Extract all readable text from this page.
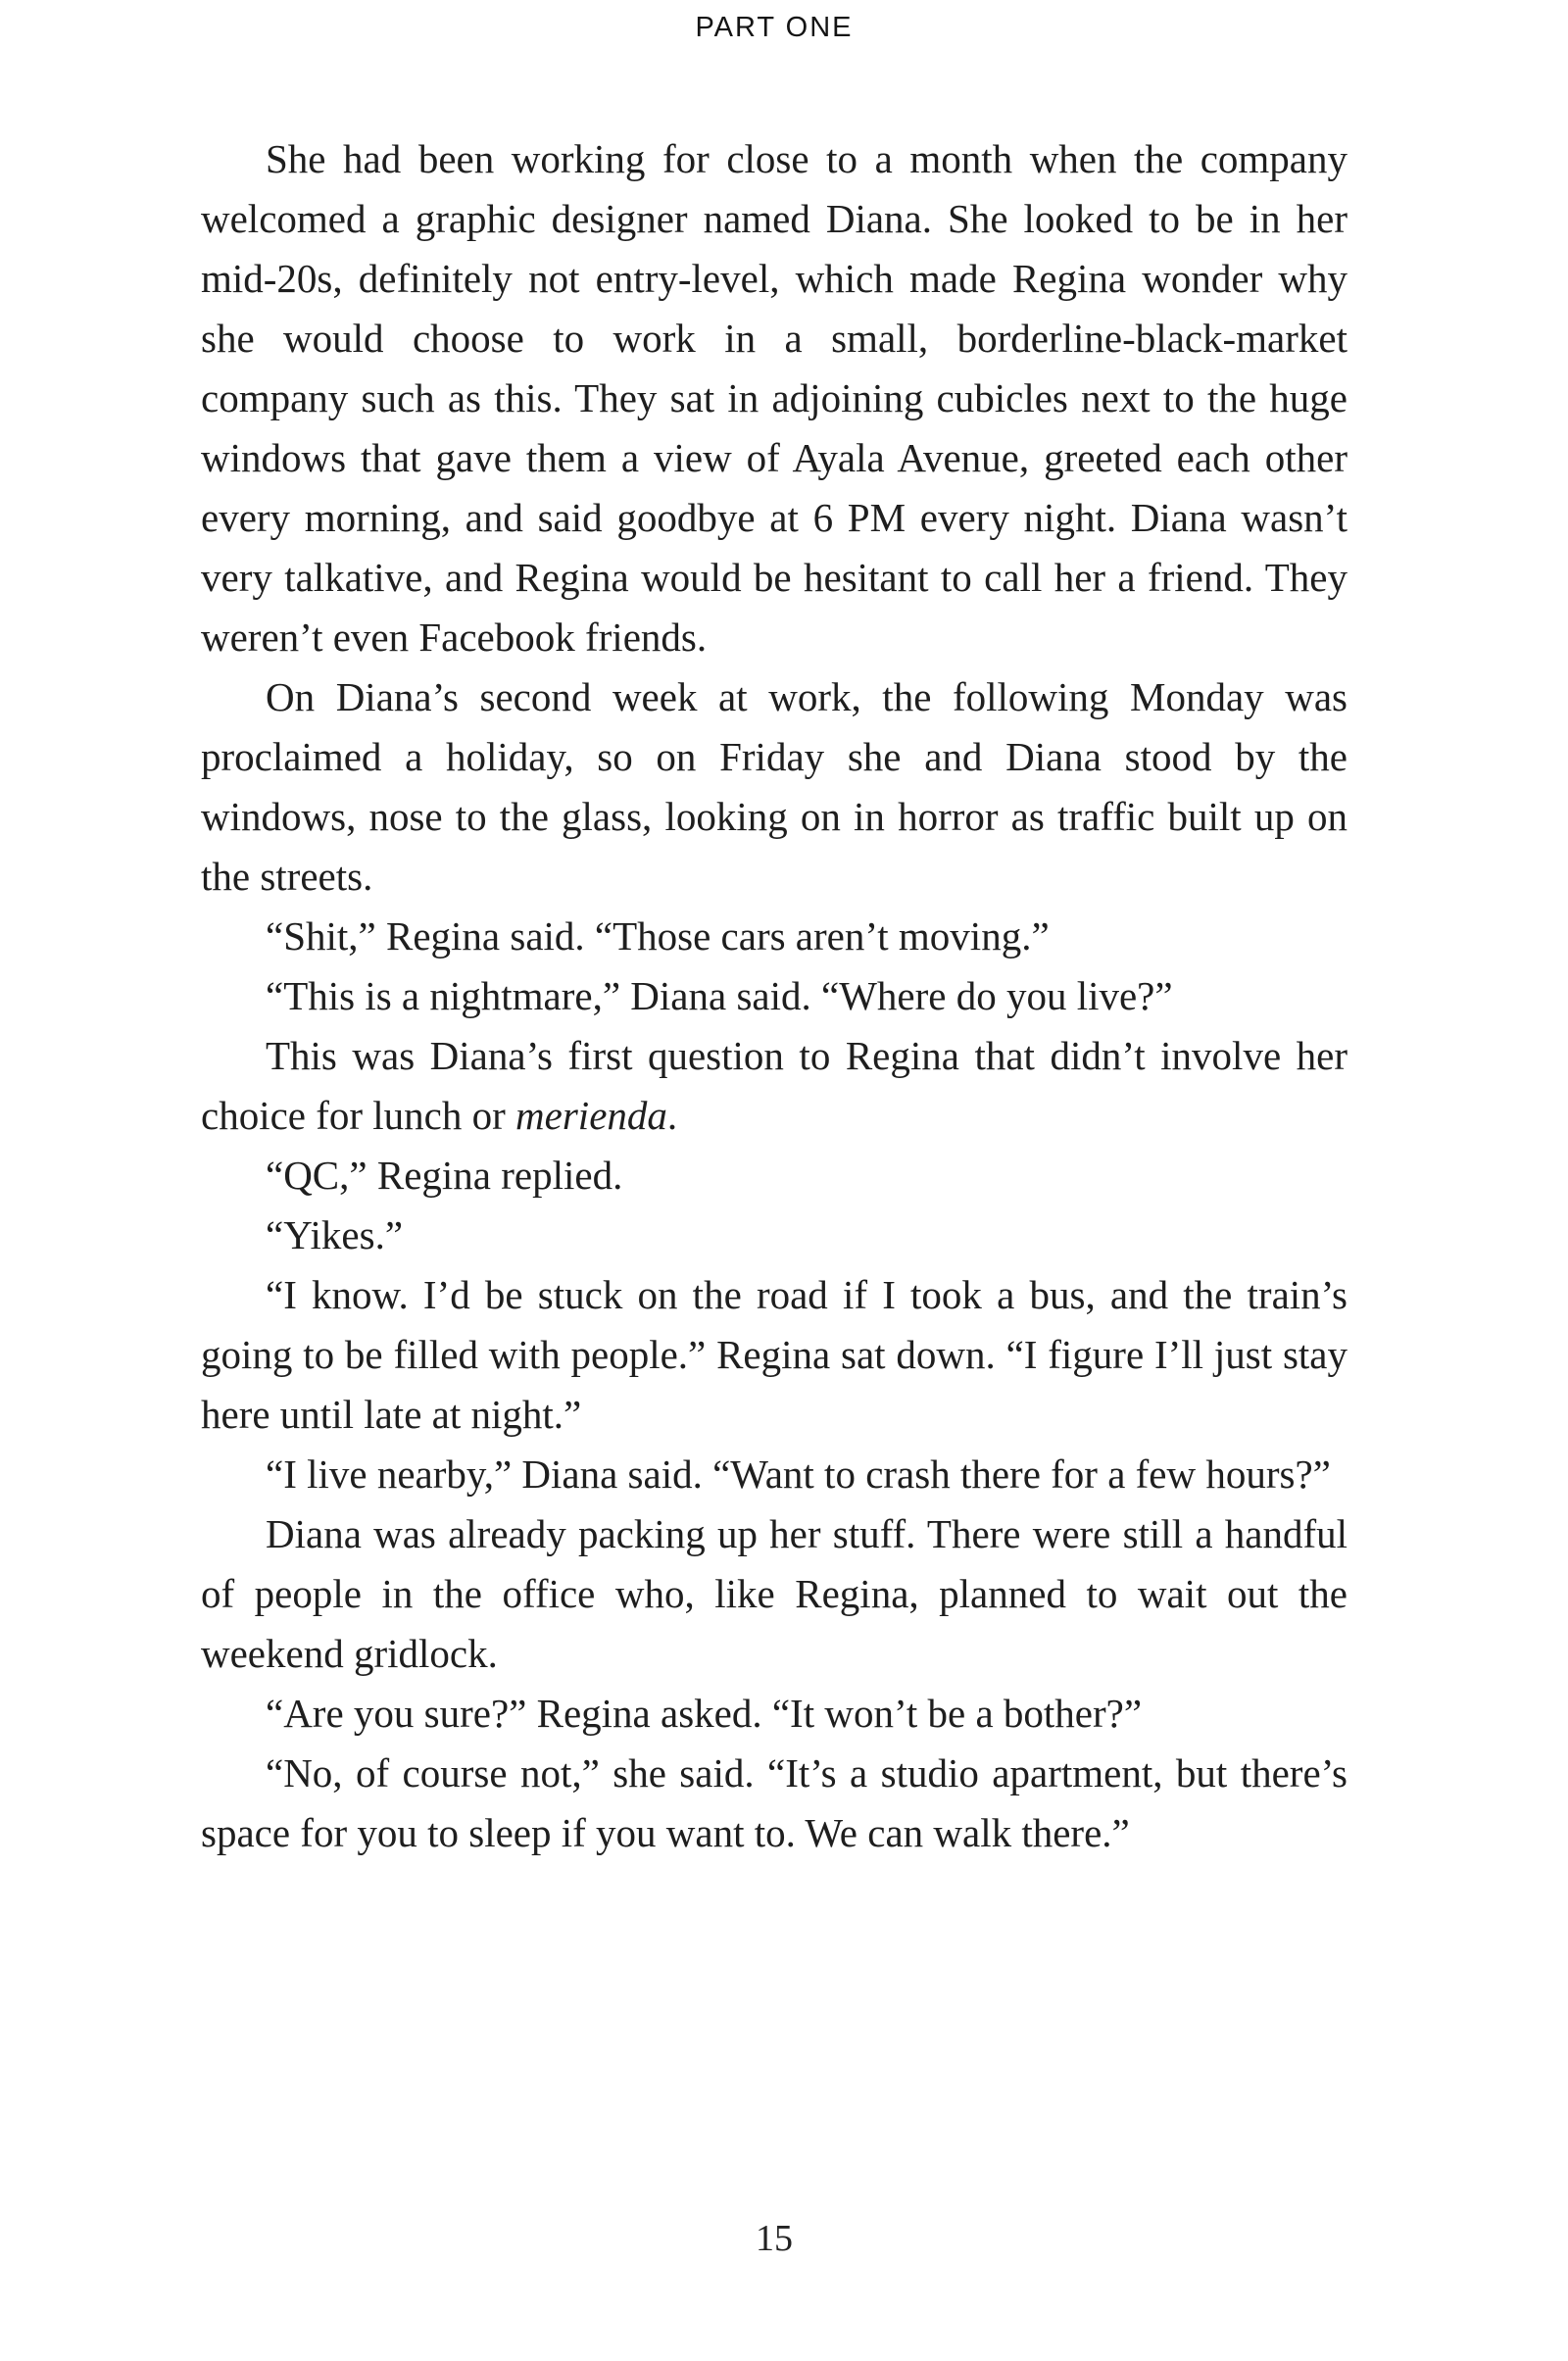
PART ONE

She had been working for close to a month when the company welcomed a graphic designer named Diana. She looked to be in her mid-20s, definitely not entry-level, which made Regina wonder why she would choose to work in a small, borderline-black-market company such as this. They sat in adjoining cubicles next to the huge windows that gave them a view of Ayala Avenue, greeted each other every morning, and said goodbye at 6 PM every night. Diana wasn’t very talkative, and Regina would be hesitant to call her a friend. They weren’t even Facebook friends.

On Diana’s second week at work, the following Monday was proclaimed a holiday, so on Friday she and Diana stood by the windows, nose to the glass, looking on in horror as traffic built up on the streets.

“Shit,” Regina said. “Those cars aren’t moving.”

“This is a nightmare,” Diana said. “Where do you live?”

This was Diana’s first question to Regina that didn’t involve her choice for lunch or merienda.

“QC,” Regina replied.

“Yikes.”

“I know. I’d be stuck on the road if I took a bus, and the train’s going to be filled with people.” Regina sat down. “I figure I’ll just stay here until late at night.”

“I live nearby,” Diana said. “Want to crash there for a few hours?”

Diana was already packing up her stuff. There were still a handful of people in the office who, like Regina, planned to wait out the weekend gridlock.

“Are you sure?” Regina asked. “It won’t be a bother?”

“No, of course not,” she said. “It’s a studio apartment, but there’s space for you to sleep if you want to. We can walk there.”

15
